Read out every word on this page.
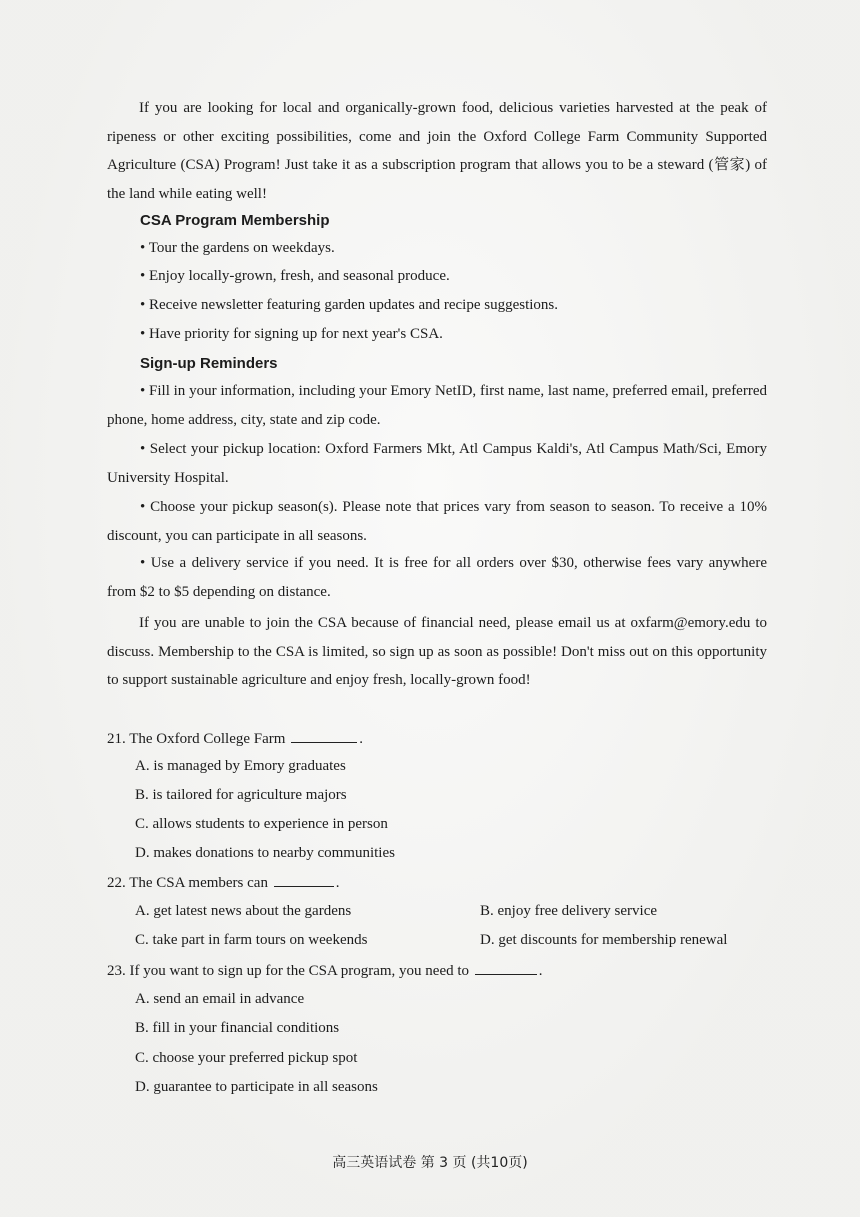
If you are looking for local and organically-grown food, delicious varieties harvested at the peak of ripeness or other exciting possibilities, come and join the Oxford College Farm Community Supported Agriculture (CSA) Program! Just take it as a subscription program that allows you to be a steward (管家) of the land while eating well!
CSA Program Membership
• Tour the gardens on weekdays.
• Enjoy locally-grown, fresh, and seasonal produce.
• Receive newsletter featuring garden updates and recipe suggestions.
• Have priority for signing up for next year's CSA.
Sign-up Reminders
• Fill in your information, including your Emory NetID, first name, last name, preferred email, preferred phone, home address, city, state and zip code.
• Select your pickup location: Oxford Farmers Mkt, Atl Campus Kaldi's, Atl Campus Math/Sci, Emory University Hospital.
• Choose your pickup season(s). Please note that prices vary from season to season. To receive a 10% discount, you can participate in all seasons.
• Use a delivery service if you need. It is free for all orders over $30, otherwise fees vary anywhere from $2 to $5 depending on distance.
If you are unable to join the CSA because of financial need, please email us at oxfarm@emory.edu to discuss. Membership to the CSA is limited, so sign up as soon as possible! Don't miss out on this opportunity to support sustainable agriculture and enjoy fresh, locally-grown food!
21. The Oxford College Farm	.
A. is managed by Emory graduates
B. is tailored for agriculture majors
C. allows students to experience in person
D. makes donations to nearby communities
22. The CSA members can	.
A. get latest news about the gardens	B. enjoy free delivery service
C. take part in farm tours on weekends	D. get discounts for membership renewal
23. If you want to sign up for the CSA program, you need to	.
A. send an email in advance
B. fill in your financial conditions
C. choose your preferred pickup spot
D. guarantee to participate in all seasons
高三英语试卷 第 3 页 (共10页)
